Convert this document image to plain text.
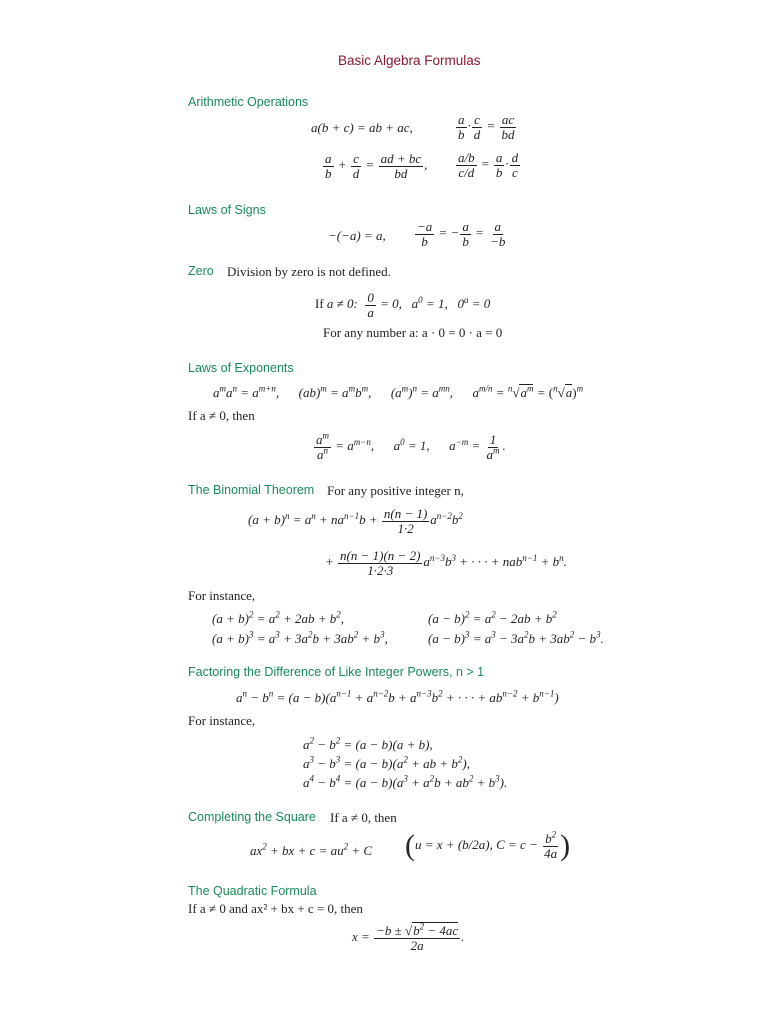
Basic Algebra Formulas
Arithmetic Operations
a(b + c) = ab + ac,	$\frac{a}{b} \cdot \frac{c}{d} = \frac{ac}{bd}$
$\frac{a}{b} + \frac{c}{d} = \frac{ad + bc}{bd}$ , $\frac{a/b}{c/d} = \frac{a}{b} \cdot \frac{d}{c}$
Laws of Signs
−(−a) = a, $\frac{-a}{b}$ = − $\frac{a}{b} = \frac{a}{-b}$
Zero Division by zero is not defined.
If a ≠ 0: $\frac{0}{a} = 0$,   $a^0 = 1$,   $0^a = 0$
For any number a: a · 0 = 0 · a = 0
Laws of Exponents
$a^ma^n = a^{m+n}$,      $(ab)^m = a^mb^m$,      $(a^m)^n = a^{mn}$,      $a^{m/n} = ^n√a^m = (^n√a)^m$
If a ≠ 0, then
$\frac{a^m}{a^n} = a^{m-n}$,      $a^0 = 1$,      $a^{-m} = \frac{1}{a^m}$ .
The Binomial Theorem For any positive integer n,
$(a + b)^n = a^n + na^{n-1}b + \frac{n(n - 1)}{1\cdot 2} a^{n-2}b^2$
+ $\frac{n(n - 1)(n - 2)}{1\cdot 2\cdot 3} a^{n-3}b^3$ + · · · + $nab^{n-1} + b^n$.
For instance,
$(a + b)^2 = a^2 + 2ab + b^2$,	$(a - b)^2 = a^2 - 2ab + b^2$
$(a + b)^3 = a^3 + 3a^2b + 3ab^2 + b^3$,	$(a - b)^3 = a^3 - 3a^2b + 3ab^2 - b^3$.
Factoring the Difference of Like Integer Powers, n > 1
$a^n - b^n = (a - b)(a^{n-1} + a^{n-2}b + a^{n-3}b^2$ + · · · + $ab^{n-2} + b^{n-1}$)
For instance,
$a^2 - b^2 = (a - b)(a + b)$,
$a^3 - b^3 = (a - b)(a^2$ + ab + $b^2$),
$a^4 - b^4 = (a - b)(a^3 + a^2b + ab^2 + b^3)$.
Completing the Square If a ≠ 0, then
$ax^2$ + bx + $c = au^2 + C$ (u = x + (b/2a), $C = c - \frac{b^2}{4a}$ )
The Quadratic Formula
If a ≠ 0 and ax² + bx + c = 0, then
$x = \frac{-b \pm √b^2 - 4ac}{2a}$ .
